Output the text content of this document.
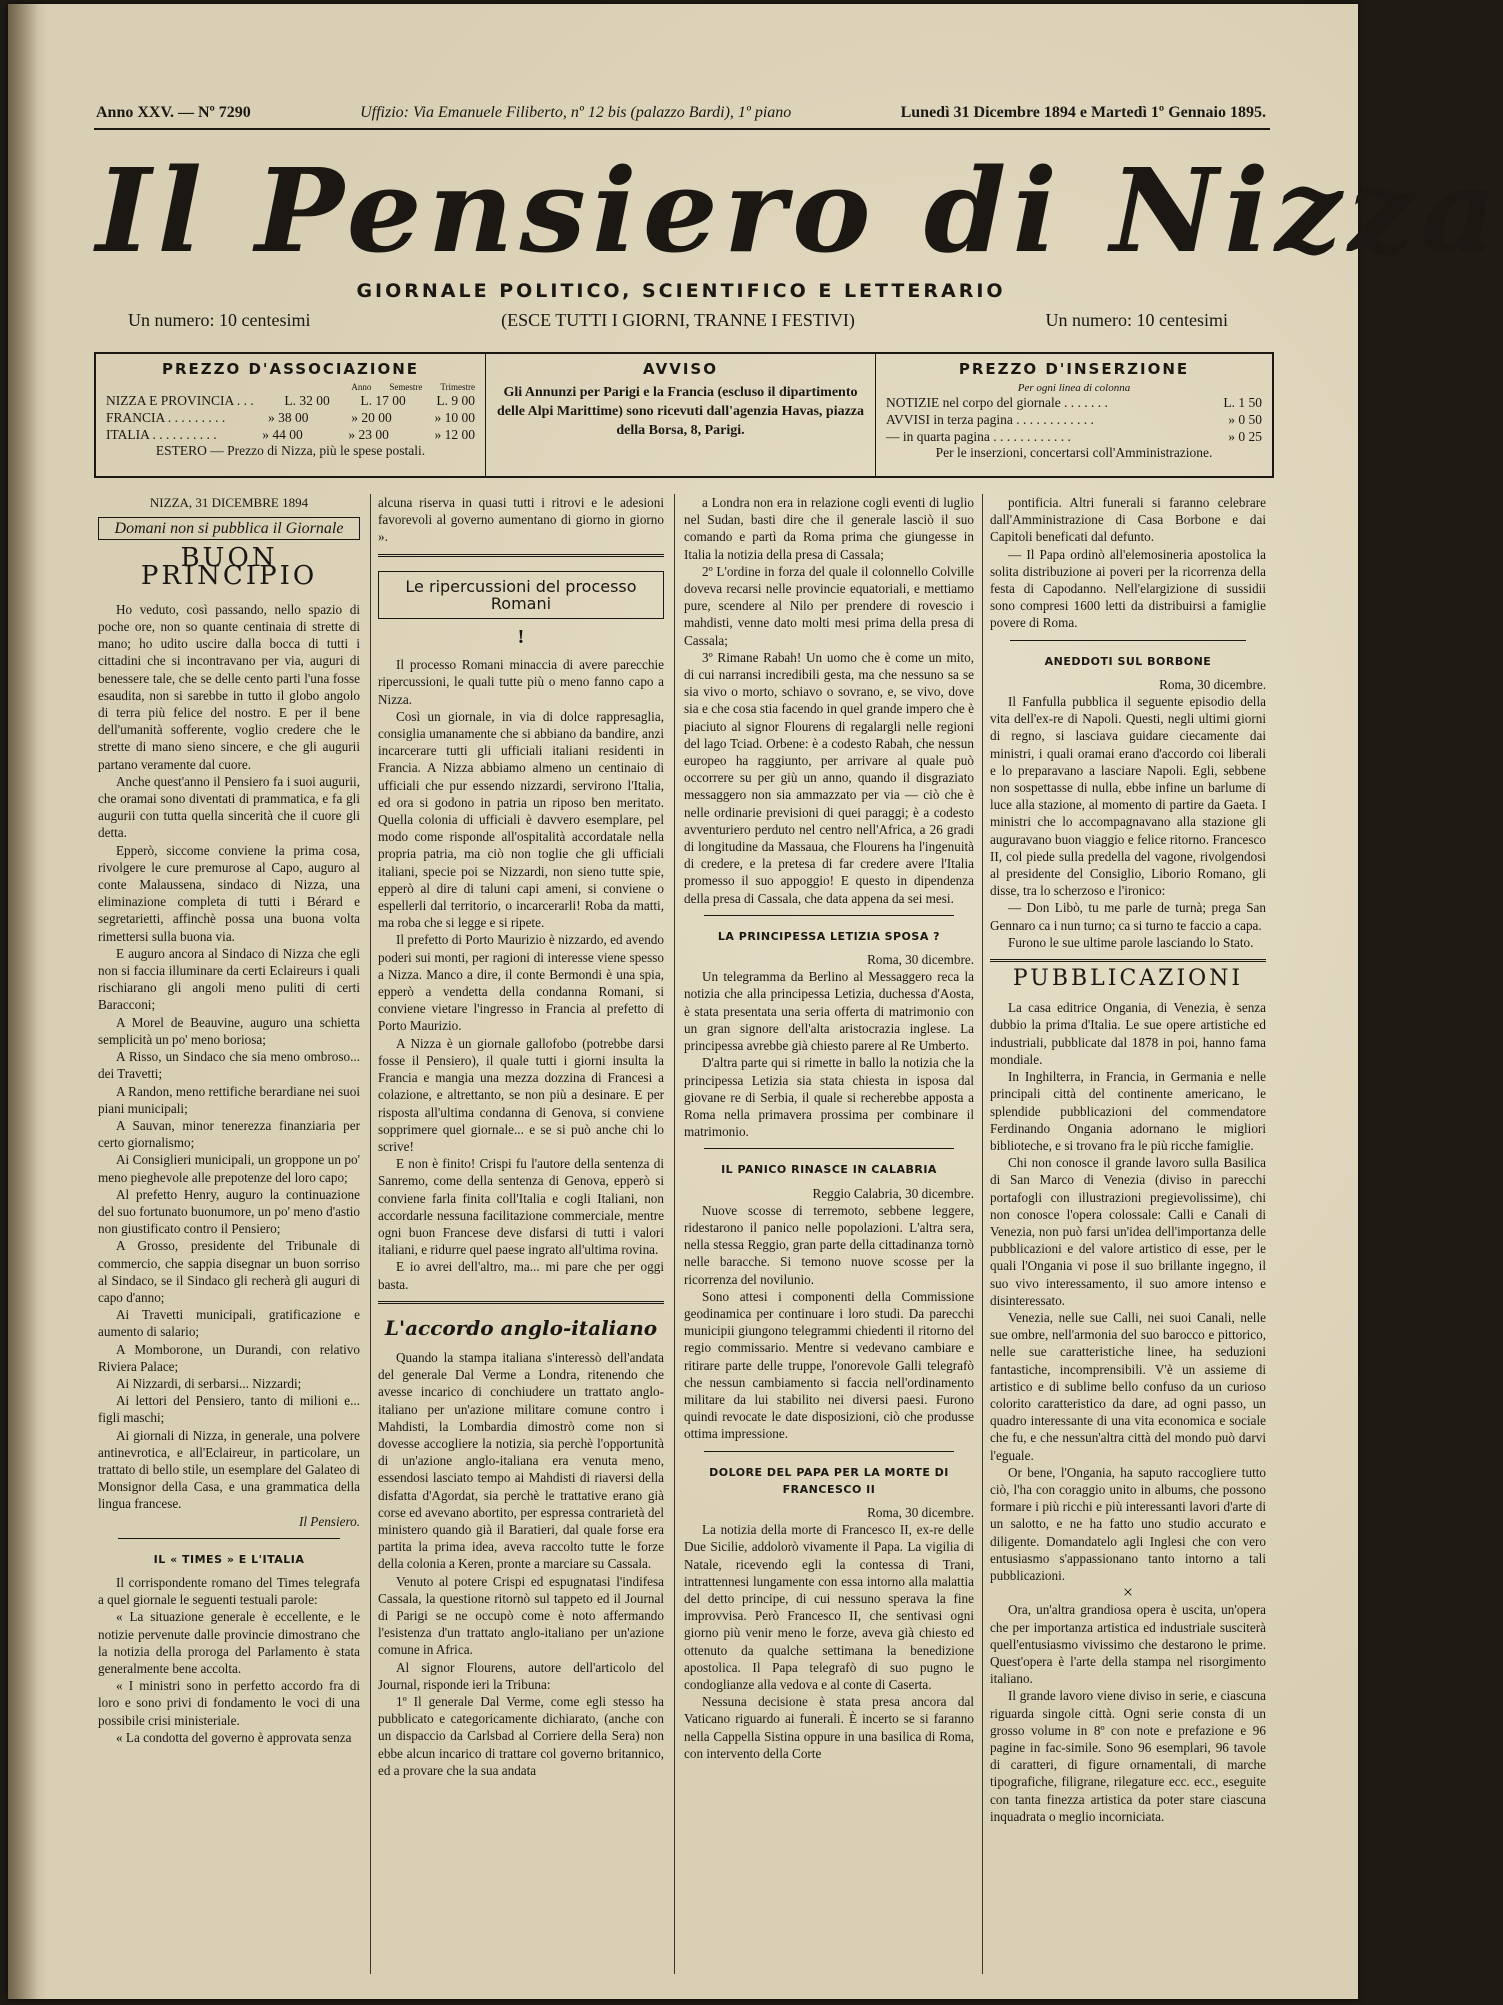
Anno XXV. — Nº 7290	Uffizio: Via Emanuele Filiberto, nº 12 bis (palazzo Bardi), 1º piano	Lunedì 31 Dicembre 1894 e Martedì 1º Gennaio 1895.
Il Pensiero di Nizza
GIORNALE POLITICO, SCIENTIFICO E LETTERARIO
Un numero: 10 centesimi	(ESCE TUTTI I GIORNI, TRANNE I FESTIVI)	Un numero: 10 centesimi
PREZZO D'ASSOCIAZIONE
Anno Semestre Trimestre
NIZZA E PROVINCIA . . . L. 32 00 L. 17 00 L. 9 00
FRANCIA . . . . . . . . .	» 38 00	» 20 00	» 10 00
ITALIA . . . . . . . . . .	» 44 00	» 23 00	» 12 00
ESTERO — Prezzo di Nizza, più le spese postali.
AVVISO
Gli Annunzi per Parigi e la Francia (escluso il dipartimento delle Alpi Marittime) sono ricevuti dall'agenzia Havas, piazza della Borsa, 8, Parigi.
PREZZO D'INSERZIONE
Per ogni linea di colonna
NOTIZIE nel corpo del giornale . . . . . . .	L. 1 50
AVVISI in terza pagina . . . . . . . . . . . .	» 0 50
— in quarta pagina . . . . . . . . . . . .	» 0 25
Per le inserzioni, concertarsi coll'Amministrazione.
NIZZA, 31 DICEMBRE 1894
Domani non si pubblica il Giornale
BUON PRINCIPIO

Ho veduto, così passando, nello spazio di poche ore, non so quante centinaia di strette di mano; ho udito uscire dalla bocca di tutti i cittadini che si incontravano per via, auguri di benessere tale, che se delle cento parti l'una fosse esaudita, non si sarebbe in tutto il globo angolo di terra più felice del nostro. E per il bene dell'umanità sofferente, voglio credere che le strette di mano sieno sincere, e che gli augurii partano veramente dal cuore.

Anche quest'anno il Pensiero fa i suoi augurii, che oramai sono diventati di prammatica, e fa gli augurii con tutta quella sincerità che il cuore gli detta.

Epperò, siccome conviene la prima cosa, rivolgere le cure premurose al Capo, auguro al conte Malaussena, sindaco di Nizza, una eliminazione completa di tutti i Bérard e segretarietti, affinchè possa una buona volta rimettersi sulla buona via.

E auguro ancora al Sindaco di Nizza che egli non si faccia illuminare da certi Eclaireurs i quali rischiarano gli angoli meno puliti di certi Baracconi;

A Morel de Beauvine, auguro una schietta semplicità un po' meno boriosa;

A Risso, un Sindaco che sia meno ombroso... dei Travetti;

A Randon, meno rettifiche berardiane nei suoi piani municipali;

A Sauvan, minor tenerezza finanziaria per certo giornalismo;

Ai Consiglieri municipali, un groppone un po' meno pieghevole alle prepotenze del loro capo;

Al prefetto Henry, auguro la continuazione del suo fortunato buonumore, un po' meno d'astio non giustificato contro il Pensiero;

A Grosso, presidente del Tribunale di commercio, che sappia disegnar un buon sorriso al Sindaco, se il Sindaco gli recherà gli auguri di capo d'anno;

Ai Travetti municipali, gratificazione e aumento di salario;

A Momborone, un Durandi, con relativo Riviera Palace;

Ai Nizzardi, di serbarsi... Nizzardi;

Ai lettori del Pensiero, tanto di milioni e... figli maschi;

Ai giornali di Nizza, in generale, una polvere antinevrotica, e all'Eclaireur, in particolare, un trattato di bello stile, un esemplare del Galateo di Monsignor della Casa, e una grammatica della lingua francese.

Il Pensiero.
IL « TIMES » E L'ITALIA

Il corrispondente romano del Times telegrafa a quel giornale le seguenti testuali parole:

« La situazione generale è eccellente, e le notizie pervenute dalle provincie dimostrano che la notizia della proroga del Parlamento è stata generalmente bene accolta.

« I ministri sono in perfetto accordo fra di loro e sono privi di fondamento le voci di una possibile crisi ministeriale.

« La condotta del governo è approvata senza

alcuna riserva in quasi tutti i ritrovi e le adesioni favorevoli al governo aumentano di giorno in giorno ».

Le ripercussioni del processo Romani
!

Il processo Romani minaccia di avere parecchie ripercussioni, le quali tutte più o meno fanno capo a Nizza.

Così un giornale, in via di dolce rappresaglia, consiglia umanamente che si abbiano da bandire, anzi incarcerare tutti gli ufficiali italiani residenti in Francia. A Nizza abbiamo almeno un centinaio di ufficiali che pur essendo nizzardi, servirono l'Italia, ed ora si godono in patria un riposo ben meritato. Quella colonia di ufficiali è davvero esemplare, pel modo come risponde all'ospitalità accordatale nella propria patria, ma ciò non toglie che gli ufficiali italiani, specie poi se Nizzardi, non sieno tutte spie, epperò al dire di taluni capi ameni, si conviene o espellerli dal territorio, o incarcerarli! Roba da matti, ma roba che si legge e si ripete.

Il prefetto di Porto Maurizio è nizzardo, ed avendo poderi sui monti, per ragioni di interesse viene spesso a Nizza. Manco a dire, il conte Bermondi è una spia, epperò a vendetta della condanna Romani, si conviene vietare l'ingresso in Francia al prefetto di Porto Maurizio.

A Nizza è un giornale gallofobo (potrebbe darsi fosse il Pensiero), il quale tutti i giorni insulta la Francia e mangia una mezza dozzina di Francesi a colazione, e altrettanto, se non più a desinare. E per risposta all'ultima condanna di Genova, si conviene sopprimere quel giornale... e se si può anche chi lo scrive!

E non è finito! Crispi fu l'autore della sentenza di Sanremo, come della sentenza di Genova, epperò si conviene farla finita coll'Italia e cogli Italiani, non accordarle nessuna facilitazione commerciale, mentre ogni buon Francese deve disfarsi di tutti i valori italiani, e ridurre quel paese ingrato all'ultima rovina.

E io avrei dell'altro, ma... mi pare che per oggi basta.

L'accordo anglo-italiano

Quando la stampa italiana s'interessò dell'andata del generale Dal Verme a Londra, ritenendo che avesse incarico di conchiudere un trattato anglo-italiano per un'azione militare comune contro i Mahdisti, la Lombardia dimostrò come non si dovesse accogliere la notizia, sia perchè l'opportunità di un'azione anglo-italiana era venuta meno, essendosi lasciato tempo ai Mahdisti di riaversi della disfatta d'Agordat, sia perchè le trattative erano già corse ed avevano abortito, per espressa contrarietà del ministero quando già il Baratieri, dal quale forse era partita la prima idea, aveva raccolto tutte le forze della colonia a Keren, pronte a marciare su Cassala.

Venuto al potere Crispi ed espugnatasi l'indifesa Cassala, la questione ritornò sul tappeto ed il Journal di Parigi se ne occupò come è noto affermando l'esistenza d'un trattato anglo-italiano per un'azione comune in Africa.

Al signor Flourens, autore dell'articolo del Journal, risponde ieri la Tribuna:

1º Il generale Dal Verme, come egli stesso ha pubblicato e categoricamente dichiarato, (anche con un dispaccio da Carlsbad al Corriere della Sera) non ebbe alcun incarico di trattare col governo britannico, ed a provare che la sua andata

a Londra non era in relazione cogli eventi di luglio nel Sudan, basti dire che il generale lasciò il suo comando e partì da Roma prima che giungesse in Italia la notizia della presa di Cassala;

2º L'ordine in forza del quale il colonnello Colville doveva recarsi nelle provincie equatoriali, e mettiamo pure, scendere al Nilo per prendere di rovescio i mahdisti, venne dato molti mesi prima della presa di Cassala;

3º Rimane Rabah! Un uomo che è come un mito, di cui narransi incredibili gesta, ma che nessuno sa se sia vivo o morto, schiavo o sovrano, e, se vivo, dove sia e che cosa stia facendo in quel grande impero che è piaciuto al signor Flourens di regalargli nelle regioni del lago Tciad. Orbene: è a codesto Rabah, che nessun europeo ha raggiunto, per arrivare al quale può occorrere su per giù un anno, quando il disgraziato messaggero non sia ammazzato per via — ciò che è nelle ordinarie previsioni di quei paraggi; è a codesto avventuriero perduto nel centro nell'Africa, a 26 gradi di longitudine da Massaua, che Flourens ha l'ingenuità di credere, e la pretesa di far credere avere l'Italia promesso il suo appoggio! E questo in dipendenza della presa di Cassala, che data appena da sei mesi.

LA PRINCIPESSA LETIZIA SPOSA ?
Roma, 30 dicembre.

Un telegramma da Berlino al Messaggero reca la notizia che alla principessa Letizia, duchessa d'Aosta, è stata presentata una seria offerta di matrimonio con un gran signore dell'alta aristocrazia inglese. La principessa avrebbe già chiesto parere al Re Umberto.

D'altra parte qui si rimette in ballo la notizia che la principessa Letizia sia stata chiesta in isposa dal giovane re di Serbia, il quale si recherebbe apposta a Roma nella primavera prossima per combinare il matrimonio.

IL PANICO RINASCE IN CALABRIA
Reggio Calabria, 30 dicembre.

Nuove scosse di terremoto, sebbene leggere, ridestarono il panico nelle popolazioni. L'altra sera, nella stessa Reggio, gran parte della cittadinanza tornò nelle baracche. Si temono nuove scosse per la ricorrenza del novilunio.

Sono attesi i componenti della Commissione geodinamica per continuare i loro studi. Da parecchi municipii giungono telegrammi chiedenti il ritorno del regio commissario. Mentre si vedevano cambiare e ritirare parte delle truppe, l'onorevole Galli telegrafò che nessun cambiamento si faccia nell'ordinamento militare da lui stabilito nei diversi paesi. Furono quindi revocate le date disposizioni, ciò che produsse ottima impressione.

DOLORE DEL PAPA PER LA MORTE DI FRANCESCO II
Roma, 30 dicembre.

La notizia della morte di Francesco II, ex-re delle Due Sicilie, addolorò vivamente il Papa. La vigilia di Natale, ricevendo egli la contessa di Trani, intrattennesi lungamente con essa intorno alla malattia del detto principe, di cui nessuno sperava la fine improvvisa. Però Francesco II, che sentivasi ogni giorno più venir meno le forze, aveva già chiesto ed ottenuto da qualche settimana la benedizione apostolica. Il Papa telegrafò di suo pugno le condoglianze alla vedova e al conte di Caserta.

Nessuna decisione è stata presa ancora dal Vaticano riguardo ai funerali. È incerto se si faranno nella Cappella Sistina oppure in una basilica di Roma, con intervento della Corte

pontificia. Altri funerali si faranno celebrare dall'Amministrazione di Casa Borbone e dai Capitoli beneficati dal defunto.

— Il Papa ordinò all'elemosineria apostolica la solita distribuzione ai poveri per la ricorrenza della festa di Capodanno. Nell'elargizione di sussidii sono compresi 1600 letti da distribuirsi a famiglie povere di Roma.

ANEDDOTI SUL BORBONE
Roma, 30 dicembre.

Il Fanfulla pubblica il seguente episodio della vita dell'ex-re di Napoli. Questi, negli ultimi giorni di regno, si lasciava guidare ciecamente dai ministri, i quali oramai erano d'accordo coi liberali e lo preparavano a lasciare Napoli. Egli, sebbene non sospettasse di nulla, ebbe infine un barlume di luce alla stazione, al momento di partire da Gaeta. I ministri che lo accompagnavano alla stazione gli auguravano buon viaggio e felice ritorno. Francesco II, col piede sulla predella del vagone, rivolgendosi al presidente del Consiglio, Liborio Romano, gli disse, tra lo scherzoso e l'ironico:

— Don Libò, tu me parle de turnà; prega San Gennaro ca i nun turno; ca si turno te faccio a capa.

Furono le sue ultime parole lasciando lo Stato.

PUBBLICAZIONI

La casa editrice Ongania, di Venezia, è senza dubbio la prima d'Italia. Le sue opere artistiche ed industriali, pubblicate dal 1878 in poi, hanno fama mondiale.

In Inghilterra, in Francia, in Germania e nelle principali città del continente americano, le splendide pubblicazioni del commendatore Ferdinando Ongania adornano le migliori biblioteche, e si trovano fra le più ricche famiglie.

Chi non conosce il grande lavoro sulla Basilica di San Marco di Venezia (diviso in parecchi portafogli con illustrazioni pregievolissime), chi non conosce l'opera colossale: Calli e Canali di Venezia, non può farsi un'idea dell'importanza delle pubblicazioni e del valore artistico di esse, per le quali l'Ongania vi pose il suo brillante ingegno, il suo vivo interessamento, il suo amore intenso e disinteressato.

Venezia, nelle sue Calli, nei suoi Canali, nelle sue ombre, nell'armonia del suo barocco e pittorico, nelle sue caratteristiche linee, ha seduzioni fantastiche, incomprensibili. V'è un assieme di artistico e di sublime bello confuso da un curioso colorito caratteristico da dare, ad ogni passo, un quadro interessante di una vita economica e sociale che fu, e che nessun'altra città del mondo può darvi l'eguale.

Or bene, l'Ongania, ha saputo raccogliere tutto ciò, l'ha con coraggio unito in albums, che possono formare i più ricchi e più interessanti lavori d'arte di un salotto, e ne ha fatto uno studio accurato e diligente. Domandatelo agli Inglesi che con vero entusiasmo s'appassionano tanto intorno a tali pubblicazioni.

×

Ora, un'altra grandiosa opera è uscita, un'opera che per importanza artistica ed industriale susciterà quell'entusiasmo vivissimo che destarono le prime. Quest'opera è l'arte della stampa nel risorgimento italiano.

Il grande lavoro viene diviso in serie, e ciascuna riguarda singole città. Ogni serie consta di un grosso volume in 8º con note e prefazione e 96 pagine in fac-simile. Sono 96 esemplari, 96 tavole di caratteri, di figure ornamentali, di marche tipografiche, filigrane, rilegature ecc. ecc., eseguite con tanta finezza artistica da poter stare ciascuna inquadrata o meglio incorniciata.
